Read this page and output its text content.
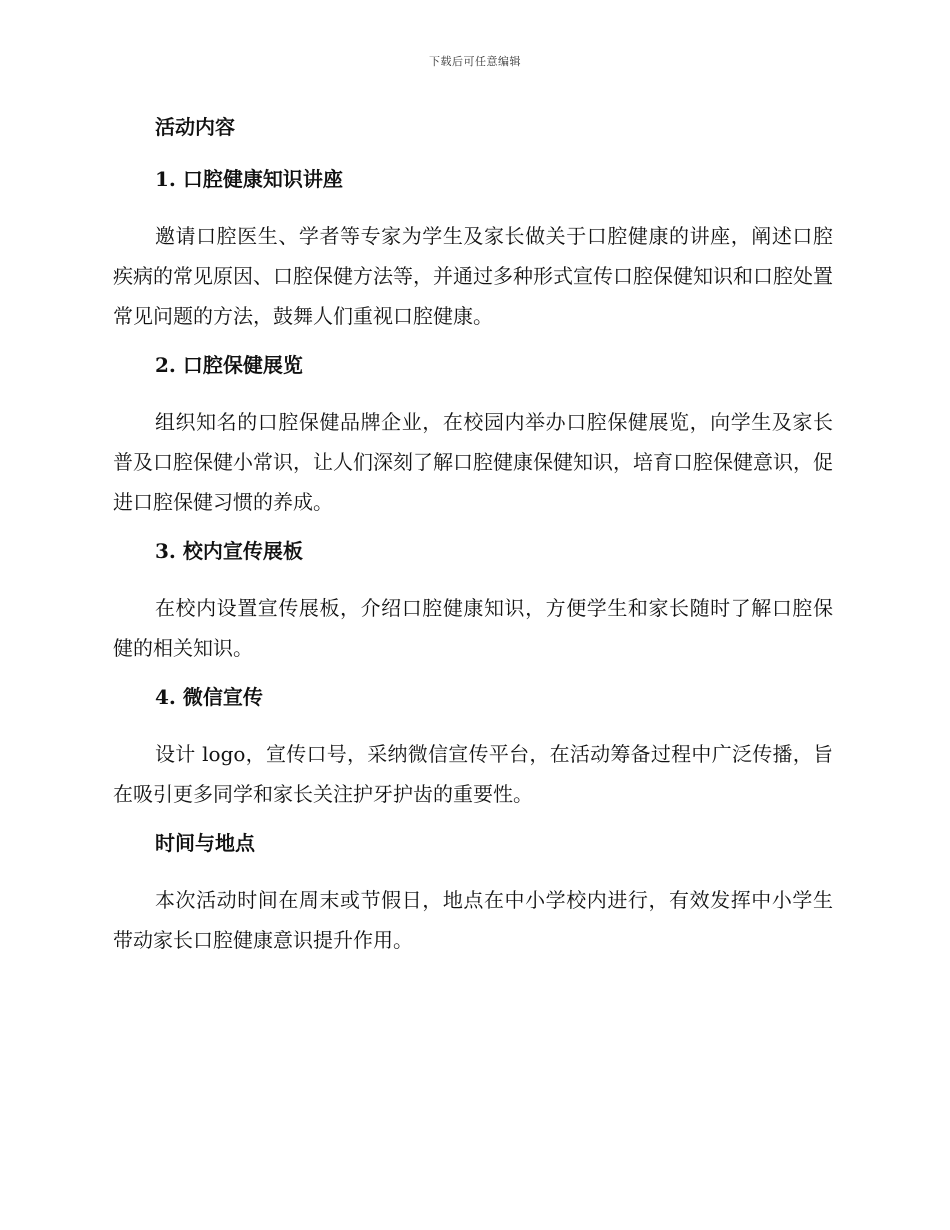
下载后可任意编辑
活动内容
1. 口腔健康知识讲座

邀请口腔医生、学者等专家为学生及家长做关于口腔健康的讲座，阐述口腔疾病的常见原因、口腔保健方法等，并通过多种形式宣传口腔保健知识和口腔处置常见问题的方法，鼓舞人们重视口腔健康。

2. 口腔保健展览

组织知名的口腔保健品牌企业，在校园内举办口腔保健展览，向学生及家长普及口腔保健小常识，让人们深刻了解口腔健康保健知识，培育口腔保健意识，促进口腔保健习惯的养成。

3. 校内宣传展板

在校内设置宣传展板，介绍口腔健康知识，方便学生和家长随时了解口腔保健的相关知识。

4. 微信宣传

设计 logo，宣传口号，采纳微信宣传平台，在活动筹备过程中广泛传播，旨在吸引更多同学和家长关注护牙护齿的重要性。

时间与地点

本次活动时间在周末或节假日，地点在中小学校内进行，有效发挥中小学生带动家长口腔健康意识提升作用。
